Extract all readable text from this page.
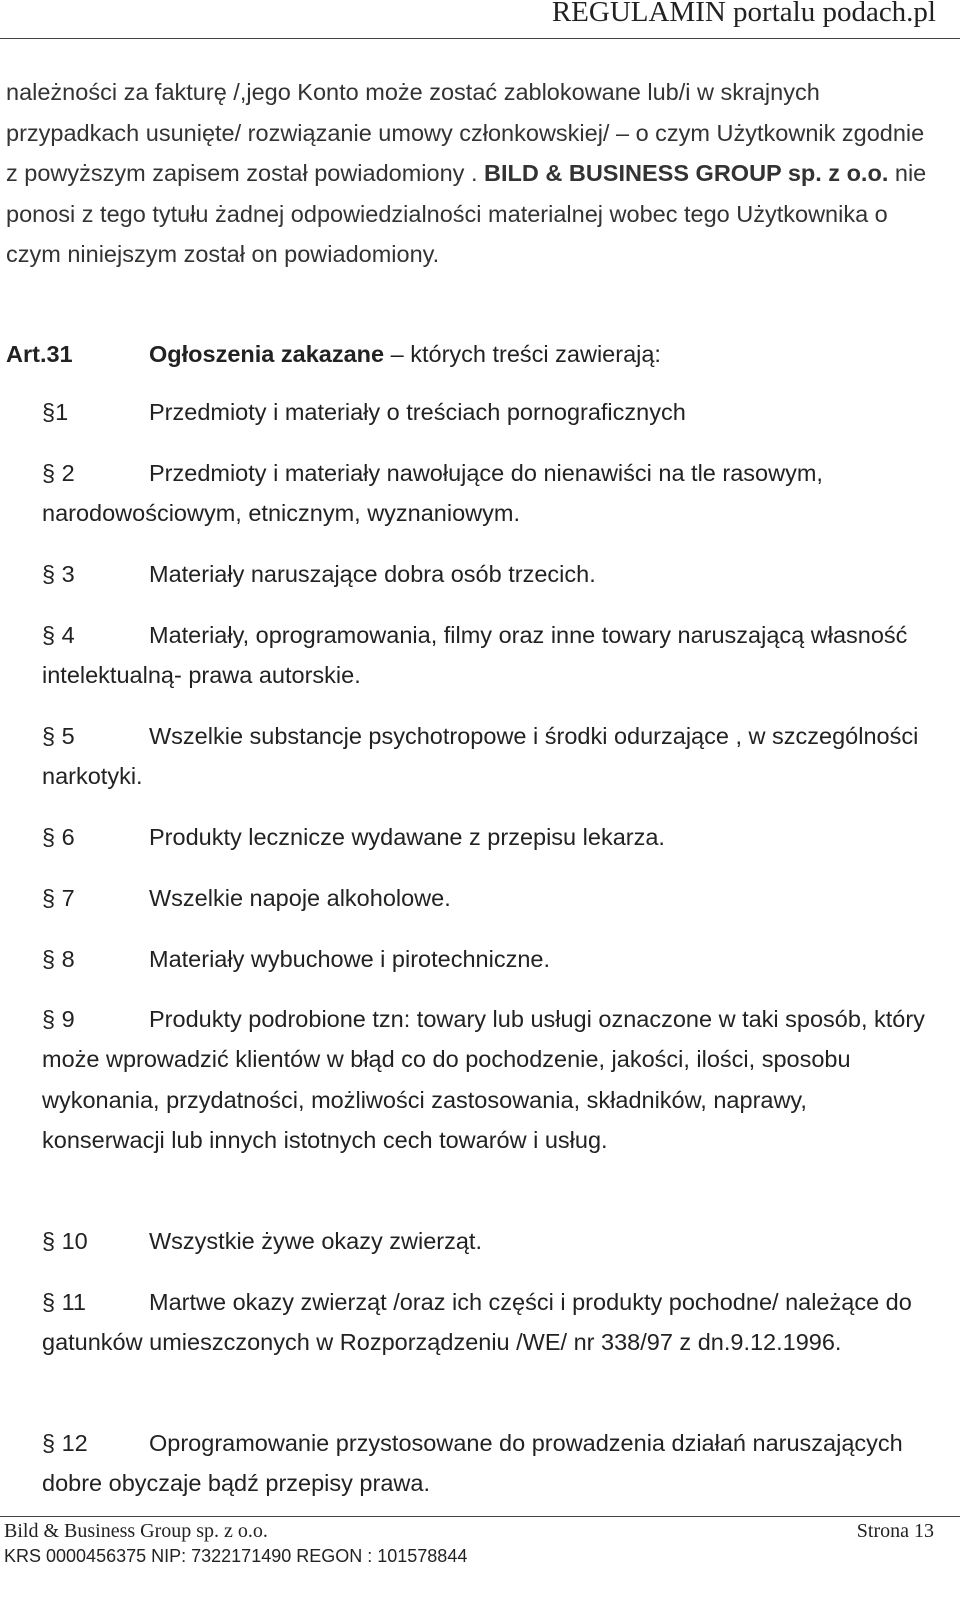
REGULAMIN portalu podach.pl

należności za fakturę /,jego Konto może zostać zablokowane lub/i w skrajnych przypadkach usunięte/ rozwiązanie umowy członkowskiej/ – o czym Użytkownik zgodnie z powyższym zapisem został powiadomiony . BILD & BUSINESS GROUP sp. z o.o. nie ponosi z tego tytułu żadnej odpowiedzialności materialnej wobec tego Użytkownika o czym niniejszym został on powiadomiony.

Art.31	Ogłoszenia zakazane – których treści zawierają:

§1	Przedmioty i materiały o treściach pornograficznych

§ 2	Przedmioty i materiały nawołujące do nienawiści na tle rasowym, narodowościowym, etnicznym, wyznaniowym.

§ 3	Materiały naruszające dobra osób trzecich.

§ 4	Materiały, oprogramowania, filmy oraz inne towary naruszającą własność intelektualną- prawa autorskie.

§ 5	Wszelkie substancje psychotropowe i środki odurzające , w szczególności narkotyki.

§ 6	Produkty lecznicze wydawane z przepisu lekarza.

§ 7	Wszelkie napoje alkoholowe.

§ 8	Materiały wybuchowe i pirotechniczne.

§ 9	Produkty podrobione tzn: towary lub usługi oznaczone w taki sposób, który może wprowadzić klientów w błąd co do pochodzenie, jakości, ilości, sposobu wykonania, przydatności, możliwości zastosowania, składników, naprawy, konserwacji lub innych istotnych cech towarów i usług.

§ 10	Wszystkie żywe okazy zwierząt.

§ 11	Martwe okazy zwierząt /oraz ich części i produkty pochodne/ należące do gatunków umieszczonych w Rozporządzeniu /WE/ nr 338/97 z dn.9.12.1996.

§ 12	Oprogramowanie przystosowane do prowadzenia działań naruszających dobre obyczaje bądź przepisy prawa.

Bild & Business Group sp. z o.o.	Strona 13
KRS 0000456375 NIP: 7322171490 REGON : 101578844
